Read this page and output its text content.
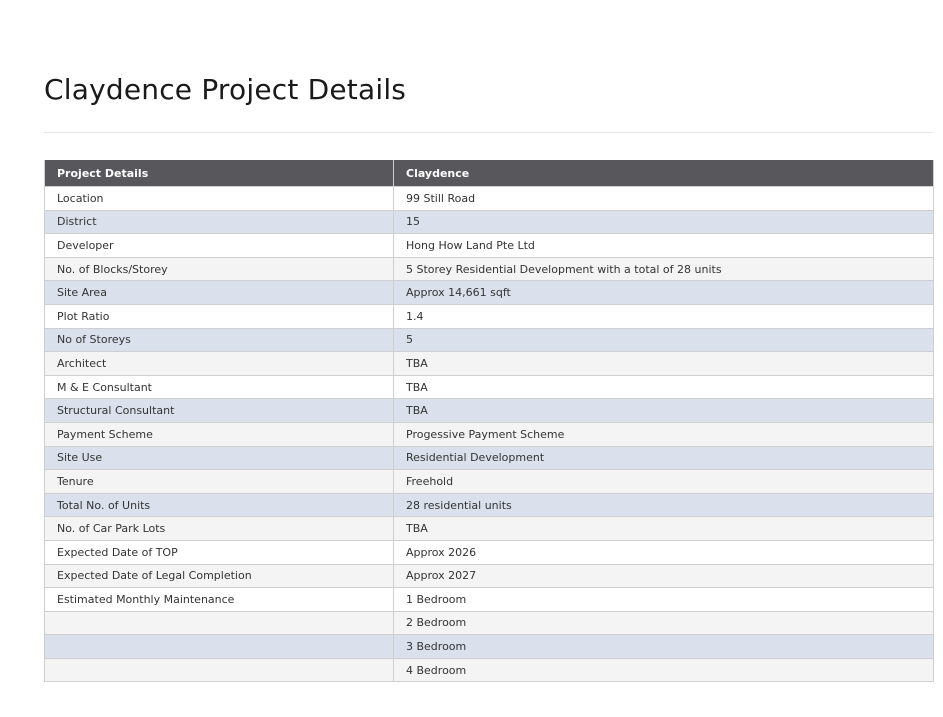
Claydence Project Details
Project Details	Claydence
Location	99 Still Road
District	15
Developer	Hong How Land Pte Ltd
No. of Blocks/Storey	5 Storey Residential Development with a total of 28 units
Site Area	Approx 14,661 sqft
Plot Ratio	1.4
No of Storeys	5
Architect	TBA
M & E Consultant	TBA
Structural Consultant	TBA
Payment Scheme	Progessive Payment Scheme
Site Use	Residential Development
Tenure	Freehold
Total No. of Units	28 residential units
No. of Car Park Lots	TBA
Expected Date of TOP	Approx 2026
Expected Date of Legal Completion	Approx 2027
Estimated Monthly Maintenance	1 Bedroom
	2 Bedroom
	3 Bedroom
	4 Bedroom
